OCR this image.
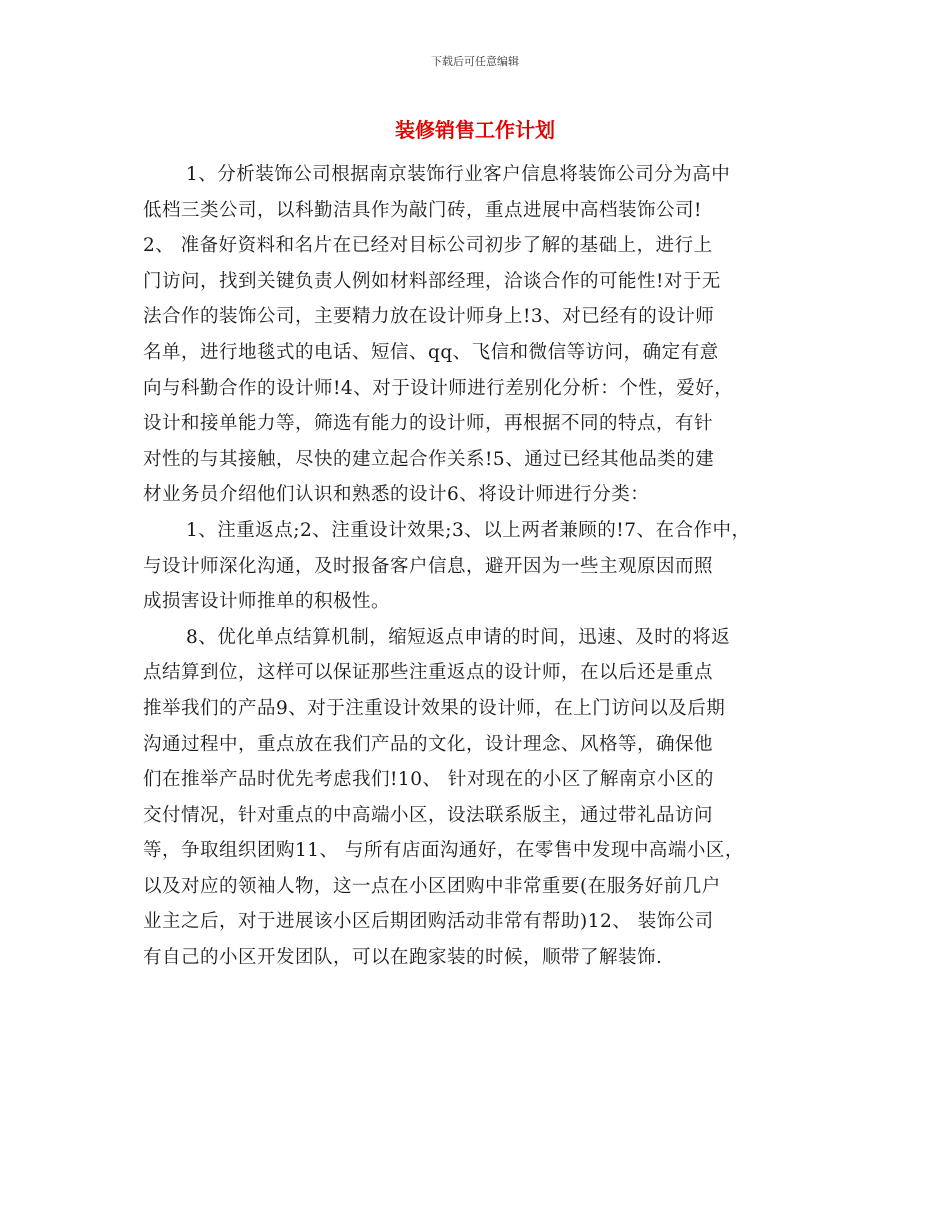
下载后可任意编辑
装修销售工作计划
1、分析装饰公司根据南京装饰行业客户信息将装饰公司分为高中
低档三类公司，以科勤洁具作为敲门砖，重点进展中高档装饰公司!
2、 准备好资料和名片在已经对目标公司初步了解的基础上，进行上
门访问，找到关键负责人例如材料部经理，洽谈合作的可能性!对于无
法合作的装饰公司，主要精力放在设计师身上!3、对已经有的设计师
名单，进行地毯式的电话、短信、qq、飞信和微信等访问，确定有意
向与科勤合作的设计师!4、对于设计师进行差别化分析：个性，爱好，
设计和接单能力等，筛选有能力的设计师，再根据不同的特点，有针
对性的与其接触，尽快的建立起合作关系!5、通过已经其他品类的建
材业务员介绍他们认识和熟悉的设计6、将设计师进行分类：
1、注重返点;2、注重设计效果;3、以上两者兼顾的!7、在合作中，
与设计师深化沟通，及时报备客户信息，避开因为一些主观原因而照
成损害设计师推单的积极性。
8、优化单点结算机制，缩短返点申请的时间，迅速、及时的将返
点结算到位，这样可以保证那些注重返点的设计师，在以后还是重点
推举我们的产品9、对于注重设计效果的设计师，在上门访问以及后期
沟通过程中，重点放在我们产品的文化，设计理念、风格等，确保他
们在推举产品时优先考虑我们!10、 针对现在的小区了解南京小区的
交付情况，针对重点的中高端小区，设法联系版主，通过带礼品访问
等，争取组织团购11、 与所有店面沟通好，在零售中发现中高端小区，
以及对应的领袖人物，这一点在小区团购中非常重要(在服务好前几户
业主之后，对于进展该小区后期团购活动非常有帮助)12、 装饰公司
有自己的小区开发团队，可以在跑家装的时候，顺带了解装饰.
